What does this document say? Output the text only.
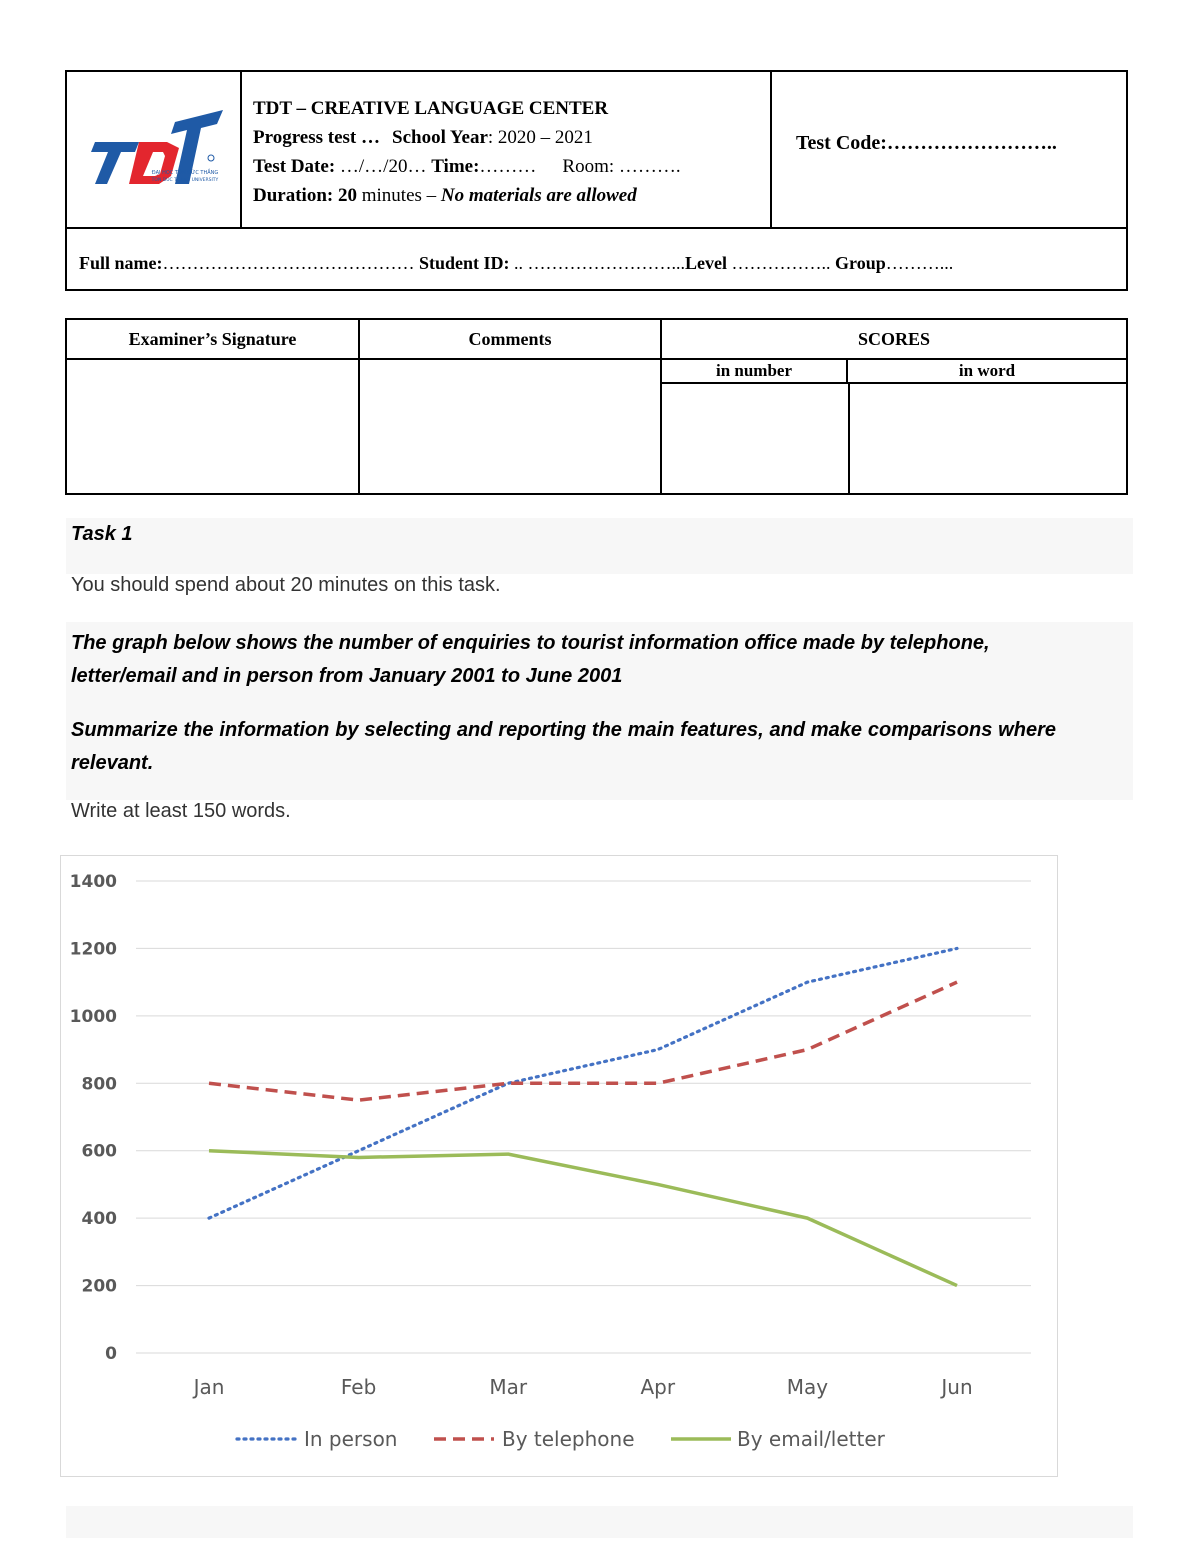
ĐẠI HỌC TÔN ĐỨC THẮNG
TON DUC THANG UNIVERSITY
TDT – CREATIVE LANGUAGE CENTER
Progress test … School Year: 2020 – 2021
Test Date: …/…/20… Time:……… Room: ……….
Duration: 20 minutes – No materials are allowed
Test Code:……………………..
Full name:…………………………………… Student ID: .. ……………………...Level …………….. Group………...
Examiner’s Signature	Comments	SCORES
in number	in word
Task 1
You should spend about 20 minutes on this task.
The graph below shows the number of enquiries to tourist information office made by telephone, letter/email and in person from January 2001 to June 2001
Summarize the information by selecting and reporting the main features, and make comparisons where relevant.
Write at least 150 words.
0
200
400
600
800
1000
1200
1400
Jan	Feb	Mar	Apr	May	Jun
In person	By telephone	By email/letter
